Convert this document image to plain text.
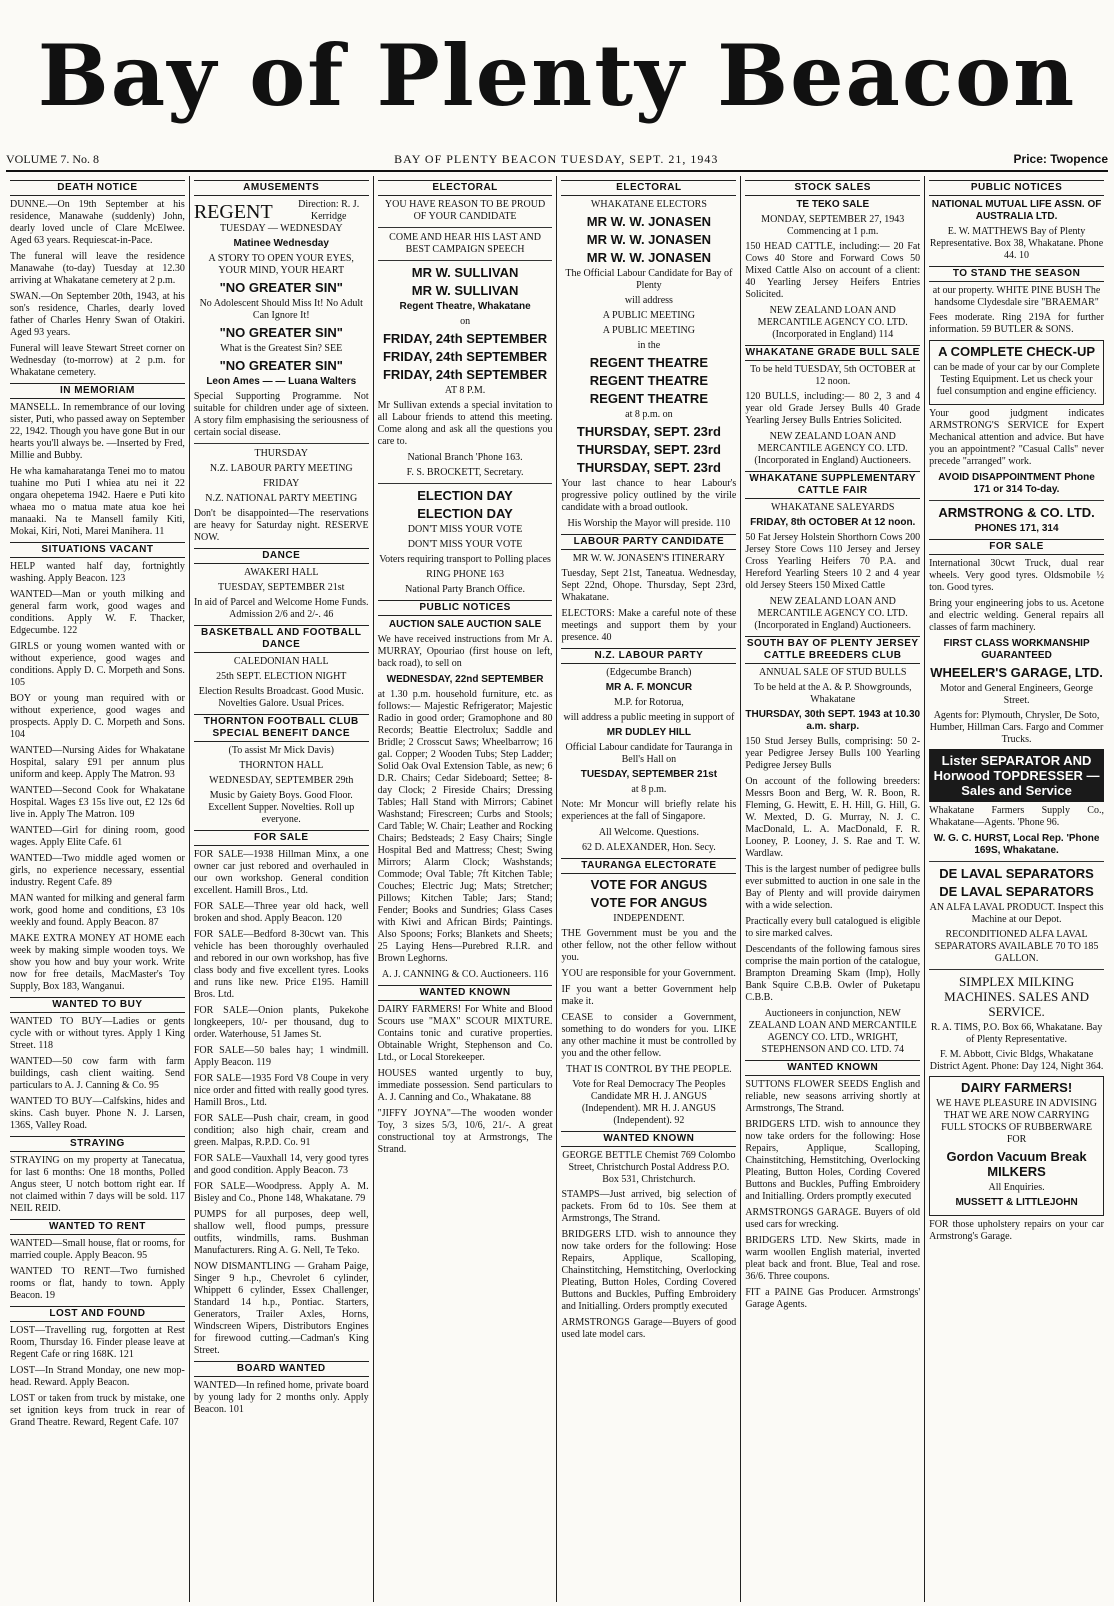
Bay of Plenty Beacon
VOLUME 7. No. 8	BAY OF PLENTY BEACON TUESDAY, SEPT. 21, 1943	Price: Twopence
DEATH NOTICE

DUNNE.—On 19th September at his residence, Manawahe (suddenly) John, dearly loved uncle of Clare McElwee. Aged 63 years. Requiescat-in-Pace.

The funeral will leave the residence Manawahe (to-day) Tuesday at 12.30 arriving at Whakatane cemetery at 2 p.m.

SWAN.—On September 20th, 1943, at his son's residence, Charles, dearly loved father of Charles Henry Swan of Otakiri. Aged 93 years.

Funeral will leave Stewart Street corner on Wednesday (to-morrow) at 2 p.m. for Whakatane cemetery.

IN MEMORIAM

MANSELL. In remembrance of our loving sister, Puti, who passed away on September 22, 1942. Though you have gone But in our hearts you'll always be. —Inserted by Fred, Millie and Bubby.

He wha kamaharatanga Tenei mo to matou tuahine mo Puti I whiea atu nei it 22 ongara ohepetema 1942. Haere e Puti kito whaea mo o matua mate atua koe hei manaaki. Na te Mansell family Kiti, Mokai, Kiri, Noti, Marei Manihera. 11

SITUATIONS VACANT

HELP wanted half day, fortnightly washing. Apply Beacon. 123

WANTED—Man or youth milking and general farm work, good wages and conditions. Apply W. F. Thacker, Edgecumbe. 122

GIRLS or young women wanted with or without experience, good wages and conditions. Apply D. C. Morpeth and Sons. 105

BOY or young man required with or without experience, good wages and prospects. Apply D. C. Morpeth and Sons. 104

WANTED—Nursing Aides for Whakatane Hospital, salary £91 per annum plus uniform and keep. Apply The Matron. 93

WANTED—Second Cook for Whakatane Hospital. Wages £3 15s live out, £2 12s 6d live in. Apply The Matron. 109

WANTED—Girl for dining room, good wages. Apply Elite Cafe. 61

WANTED—Two middle aged women or girls, no experience necessary, essential industry. Regent Cafe. 89

MAN wanted for milking and general farm work, good home and conditions, £3 10s weekly and found. Apply Beacon. 87

MAKE EXTRA MONEY AT HOME each week by making simple wooden toys. We show you how and buy your work. Write now for free details, MacMaster's Toy Supply, Box 183, Wanganui.

WANTED TO BUY

WANTED TO BUY—Ladies or gents cycle with or without tyres. Apply 1 King Street. 118

WANTED—50 cow farm with farm buildings, cash client waiting. Send particulars to A. J. Canning & Co. 95

WANTED TO BUY—Calfskins, hides and skins. Cash buyer. Phone N. J. Larsen, 136S, Valley Road.

STRAYING

STRAYING on my property at Tanecatua, for last 6 months: One 18 months, Polled Angus steer, U notch bottom right ear. If not claimed within 7 days will be sold. 117 NEIL REID.

WANTED TO RENT

WANTED—Small house, flat or rooms, for married couple. Apply Beacon. 95

WANTED TO RENT—Two furnished rooms or flat, handy to town. Apply Beacon. 19

LOST AND FOUND

LOST—Travelling rug, forgotten at Rest Room, Thursday 16. Finder please leave at Regent Cafe or ring 168K. 121

LOST—In Strand Monday, one new mop-head. Reward. Apply Beacon.

LOST or taken from truck by mistake, one set ignition keys from truck in rear of Grand Theatre. Reward, Regent Cafe. 107

AMUSEMENTS
REGENT	Direction: R. J. Kerridge

TUESDAY — WEDNESDAY

Matinee Wednesday

A STORY TO OPEN YOUR EYES, YOUR MIND, YOUR HEART

"NO GREATER SIN"

No Adolescent Should Miss It! No Adult Can Ignore It!

"NO GREATER SIN"

What is the Greatest Sin? SEE

"NO GREATER SIN"

Leon Ames — — Luana Walters

Special Supporting Programme. Not suitable for children under age of sixteen. A story film emphasising the seriousness of certain social disease.

THURSDAY

N.Z. LABOUR PARTY MEETING

FRIDAY

N.Z. NATIONAL PARTY MEETING

Don't be disappointed—The reservations are heavy for Saturday night. RESERVE NOW.

DANCE

AWAKERI HALL

TUESDAY, SEPTEMBER 21st

In aid of Parcel and Welcome Home Funds. Admission 2/6 and 2/-. 46

BASKETBALL AND FOOTBALL DANCE

CALEDONIAN HALL

25th SEPT. ELECTION NIGHT

Election Results Broadcast. Good Music. Novelties Galore. Usual Prices.

THORNTON FOOTBALL CLUB SPECIAL BENEFIT DANCE

(To assist Mr Mick Davis)

THORNTON HALL

WEDNESDAY, SEPTEMBER 29th

Music by Gaiety Boys. Good Floor. Excellent Supper. Novelties. Roll up everyone.

FOR SALE

FOR SALE—1938 Hillman Minx, a one owner car just rebored and overhauled in our own workshop. General condition excellent. Hamill Bros., Ltd.

FOR SALE—Three year old hack, well broken and shod. Apply Beacon. 120

FOR SALE—Bedford 8-30cwt van. This vehicle has been thoroughly overhauled and rebored in our own workshop, has five class body and five excellent tyres. Looks and runs like new. Price £195. Hamill Bros. Ltd.

FOR SALE—Onion plants, Pukekohe longkeepers, 10/- per thousand, dug to order. Waterhouse, 51 James St.

FOR SALE—50 bales hay; 1 windmill. Apply Beacon. 119

FOR SALE—1935 Ford V8 Coupe in very nice order and fitted with really good tyres. Hamill Bros., Ltd.

FOR SALE—Push chair, cream, in good condition; also high chair, cream and green. Malpas, R.P.D. Co. 91

FOR SALE—Vauxhall 14, very good tyres and good condition. Apply Beacon. 73

FOR SALE—Woodpress. Apply A. M. Bisley and Co., Phone 148, Whakatane. 79

PUMPS for all purposes, deep well, shallow well, flood pumps, pressure outfits, windmills, rams. Bushman Manufacturers. Ring A. G. Nell, Te Teko.

NOW DISMANTLING — Graham Paige, Singer 9 h.p., Chevrolet 6 cylinder, Whippett 6 cylinder, Essex Challenger, Standard 14 h.p., Pontiac. Starters, Generators, Trailer Axles, Horns, Windscreen Wipers, Distributors Engines for firewood cutting.—Cadman's King Street.

BOARD WANTED

WANTED—In refined home, private board by young lady for 2 months only. Apply Beacon. 101

ELECTORAL

YOU HAVE REASON TO BE PROUD OF YOUR CANDIDATE

COME AND HEAR HIS LAST AND BEST CAMPAIGN SPEECH

MR W. SULLIVAN

MR W. SULLIVAN

Regent Theatre, Whakatane

on

FRIDAY, 24th SEPTEMBER

FRIDAY, 24th SEPTEMBER

FRIDAY, 24th SEPTEMBER

AT 8 P.M.

Mr Sullivan extends a special invitation to all Labour friends to attend this meeting. Come along and ask all the questions you care to.

National Branch 'Phone 163.

F. S. BROCKETT, Secretary.

ELECTION DAY

ELECTION DAY

DON'T MISS YOUR VOTE

DON'T MISS YOUR VOTE

Voters requiring transport to Polling places

RING PHONE 163

National Party Branch Office.

PUBLIC NOTICES

AUCTION SALE AUCTION SALE

We have received instructions from Mr A. MURRAY, Opouriao (first house on left, back road), to sell on

WEDNESDAY, 22nd SEPTEMBER

at 1.30 p.m. household furniture, etc. as follows:— Majestic Refrigerator; Majestic Radio in good order; Gramophone and 80 Records; Beattie Electrolux; Saddle and Bridle; 2 Crosscut Saws; Wheelbarrow; 16 gal. Copper; 2 Wooden Tubs; Step Ladder; Solid Oak Oval Extension Table, as new; 6 D.R. Chairs; Cedar Sideboard; Settee; 8-day Clock; 2 Fireside Chairs; Dressing Tables; Hall Stand with Mirrors; Cabinet Washstand; Firescreen; Curbs and Stools; Card Table; W. Chair; Leather and Rocking Chairs; Bedsteads; 2 Easy Chairs; Single Hospital Bed and Mattress; Chest; Swing Mirrors; Alarm Clock; Washstands; Commode; Oval Table; 7ft Kitchen Table; Couches; Electric Jug; Mats; Stretcher; Pillows; Kitchen Table; Jars; Stand; Fender; Books and Sundries; Glass Cases with Kiwi and African Birds; Paintings. Also Spoons; Forks; Blankets and Sheets; 25 Laying Hens—Purebred R.I.R. and Brown Leghorns.

A. J. CANNING & CO. Auctioneers. 116

WANTED KNOWN

DAIRY FARMERS! For White and Blood Scours use "MAX" SCOUR MIXTURE. Contains tonic and curative properties. Obtainable Wright, Stephenson and Co. Ltd., or Local Storekeeper.

HOUSES wanted urgently to buy, immediate possession. Send particulars to A. J. Canning and Co., Whakatane. 88

"JIFFY JOYNA"—The wooden wonder Toy, 3 sizes 5/3, 10/6, 21/-. A great constructional toy at Armstrongs, The Strand.

ELECTORAL

WHAKATANE ELECTORS

MR W. W. JONASEN

MR W. W. JONASEN

MR W. W. JONASEN

The Official Labour Candidate for Bay of Plenty

will address

A PUBLIC MEETING

A PUBLIC MEETING

in the

REGENT THEATRE

REGENT THEATRE

REGENT THEATRE

at 8 p.m. on

THURSDAY, SEPT. 23rd

THURSDAY, SEPT. 23rd

THURSDAY, SEPT. 23rd

Your last chance to hear Labour's progressive policy outlined by the virile candidate with a broad outlook.

His Worship the Mayor will preside. 110

LABOUR PARTY CANDIDATE

MR W. W. JONASEN'S ITINERARY

Tuesday, Sept 21st, Taneatua. Wednesday, Sept 22nd, Ohope. Thursday, Sept 23rd, Whakatane.

ELECTORS: Make a careful note of these meetings and support them by your presence. 40

N.Z. LABOUR PARTY

(Edgecumbe Branch)

MR A. F. MONCUR

M.P. for Rotorua,

will address a public meeting in support of

MR DUDLEY HILL

Official Labour candidate for Tauranga in Bell's Hall on

TUESDAY, SEPTEMBER 21st

at 8 p.m.

Note: Mr Moncur will briefly relate his experiences at the fall of Singapore.

All Welcome. Questions.

62 D. ALEXANDER, Hon. Secy.

TAURANGA ELECTORATE

VOTE FOR ANGUS

VOTE FOR ANGUS

INDEPENDENT.

THE Government must be you and the other fellow, not the other fellow without you.

YOU are responsible for your Government.

IF you want a better Government help make it.

CEASE to consider a Government, something to do wonders for you. LIKE any other machine it must be controlled by you and the other fellow.

THAT IS CONTROL BY THE PEOPLE.

Vote for Real Democracy The Peoples Candidate MR H. J. ANGUS (Independent). MR H. J. ANGUS (Independent). 92

WANTED KNOWN

GEORGE BETTLE Chemist 769 Colombo Street, Christchurch Postal Address P.O. Box 531, Christchurch.

STAMPS—Just arrived, big selection of packets. From 6d to 10s. See them at Armstrongs, The Strand.

BRIDGERS LTD. wish to announce they now take orders for the following: Hose Repairs, Applique, Scalloping, Chainstitching, Hemstitching, Overlocking Pleating, Button Holes, Cording Covered Buttons and Buckles, Puffing Embroidery and Initialling. Orders promptly executed

ARMSTRONGS Garage—Buyers of good used late model cars.

STOCK SALES

TE TEKO SALE

MONDAY, SEPTEMBER 27, 1943 Commencing at 1 p.m.

150 HEAD CATTLE, including:— 20 Fat Cows 40 Store and Forward Cows 50 Mixed Cattle Also on account of a client: 40 Yearling Jersey Heifers Entries Solicited.

NEW ZEALAND LOAN AND MERCANTILE AGENCY CO. LTD. (Incorporated in England) 114

WHAKATANE GRADE BULL SALE

To be held TUESDAY, 5th OCTOBER at 12 noon.

120 BULLS, including:— 80 2, 3 and 4 year old Grade Jersey Bulls 40 Grade Yearling Jersey Bulls Entries Solicited.

NEW ZEALAND LOAN AND MERCANTILE AGENCY CO. LTD. (Incorporated in England) Auctioneers.

WHAKATANE SUPPLEMENTARY CATTLE FAIR

WHAKATANE SALEYARDS

FRIDAY, 8th OCTOBER At 12 noon.

50 Fat Jersey Holstein Shorthorn Cows 200 Jersey Store Cows 110 Jersey and Jersey Cross Yearling Heifers 70 P.A. and Hereford Yearling Steers 10 2 and 4 year old Jersey Steers 150 Mixed Cattle

NEW ZEALAND LOAN AND MERCANTILE AGENCY CO. LTD. (Incorporated in England) Auctioneers.

SOUTH BAY OF PLENTY JERSEY CATTLE BREEDERS CLUB

ANNUAL SALE OF STUD BULLS

To be held at the A. & P. Showgrounds, Whakatane

THURSDAY, 30th SEPT. 1943 at 10.30 a.m. sharp.

150 Stud Jersey Bulls, comprising: 50 2-year Pedigree Jersey Bulls 100 Yearling Pedigree Jersey Bulls

On account of the following breeders: Messrs Boon and Berg, W. R. Boon, R. Fleming, G. Hewitt, E. H. Hill, G. Hill, G. W. Mexted, D. G. Murray, N. J. C. MacDonald, L. A. MacDonald, F. R. Looney, P. Looney, J. S. Rae and T. W. Wardlaw.

This is the largest number of pedigree bulls ever submitted to auction in one sale in the Bay of Plenty and will provide dairymen with a wide selection.

Practically every bull catalogued is eligible to sire marked calves.

Descendants of the following famous sires comprise the main portion of the catalogue, Brampton Dreaming Skam (Imp), Holly Bank Squire C.B.B. Owler of Puketapu C.B.B.

Auctioneers in conjunction, NEW ZEALAND LOAN AND MERCANTILE AGENCY CO. LTD., WRIGHT, STEPHENSON AND CO. LTD. 74

WANTED KNOWN

SUTTONS FLOWER SEEDS English and reliable, new seasons arriving shortly at Armstrongs, The Strand.

BRIDGERS LTD. wish to announce they now take orders for the following: Hose Repairs, Applique, Scalloping, Chainstitching, Hemstitching, Overlocking Pleating, Button Holes, Cording Covered Buttons and Buckles, Puffing Embroidery and Initialling. Orders promptly executed

ARMSTRONGS GARAGE. Buyers of old used cars for wrecking.

BRIDGERS LTD. New Skirts, made in warm woollen English material, inverted pleat back and front. Blue, Teal and rose. 36/6. Three coupons.

FIT a PAINE Gas Producer. Armstrongs' Garage Agents.

PUBLIC NOTICES

NATIONAL MUTUAL LIFE ASSN. OF AUSTRALIA LTD.

E. W. MATTHEWS Bay of Plenty Representative. Box 38, Whakatane. Phone 44. 10

TO STAND THE SEASON

at our property. WHITE PINE BUSH The handsome Clydesdale sire "BRAEMAR"

Fees moderate. Ring 219A for further information. 59 BUTLER & SONS.

A COMPLETE CHECK-UP

can be made of your car by our Complete Testing Equipment. Let us check your fuel consumption and engine efficiency.

Your good judgment indicates ARMSTRONG'S SERVICE for Expert Mechanical attention and advice. But have you an appointment? "Casual Calls" never precede "arranged" work.

AVOID DISAPPOINTMENT Phone 171 or 314 To-day.

ARMSTRONG & CO. LTD.

PHONES 171, 314

FOR SALE

International 30cwt Truck, dual rear wheels. Very good tyres. Oldsmobile ½ ton. Good tyres.

Bring your engineering jobs to us. Acetone and electric welding. General repairs all classes of farm machinery.

FIRST CLASS WORKMANSHIP GUARANTEED

WHEELER'S GARAGE, LTD.

Motor and General Engineers, George Street.

Agents for: Plymouth, Chrysler, De Soto, Humber, Hillman Cars. Fargo and Commer Trucks.

Lister SEPARATOR AND Horwood TOPDRESSER — Sales and Service

Whakatane Farmers Supply Co., Whakatane—Agents. 'Phone 96.

W. G. C. HURST, Local Rep. 'Phone 169S, Whakatane.

DE LAVAL SEPARATORS

DE LAVAL SEPARATORS

AN ALFA LAVAL PRODUCT. Inspect this Machine at our Depot.

RECONDITIONED ALFA LAVAL SEPARATORS AVAILABLE 70 TO 185 GALLON.

SIMPLEX MILKING MACHINES. SALES AND SERVICE.

R. A. TIMS, P.O. Box 66, Whakatane. Bay of Plenty Representative.

F. M. Abbott, Civic Bldgs, Whakatane District Agent. Phone: Day 124, Night 364.

DAIRY FARMERS!

WE HAVE PLEASURE IN ADVISING THAT WE ARE NOW CARRYING FULL STOCKS OF RUBBERWARE FOR

Gordon Vacuum Break MILKERS

All Enquiries.

MUSSETT & LITTLEJOHN

FOR those upholstery repairs on your car Armstrong's Garage.
